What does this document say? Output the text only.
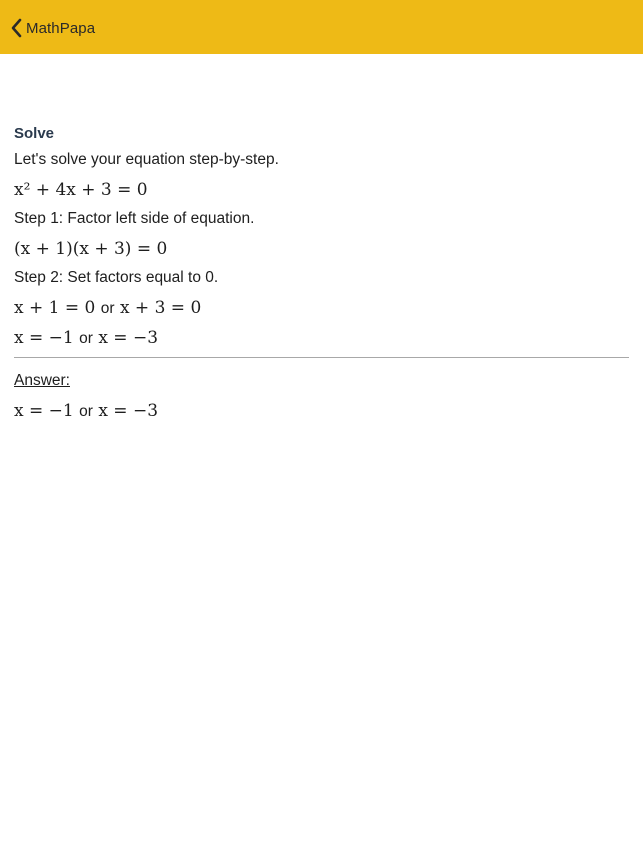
MathPapa
Solve
Let's solve your equation step-by-step.
x² + 4x + 3 = 0
Step 1: Factor left side of equation.
(x + 1)(x + 3) = 0
Step 2: Set factors equal to 0.
x + 1 = 0 or x + 3 = 0
x = −1 or x = −3
Answer:
x = −1 or x = −3
